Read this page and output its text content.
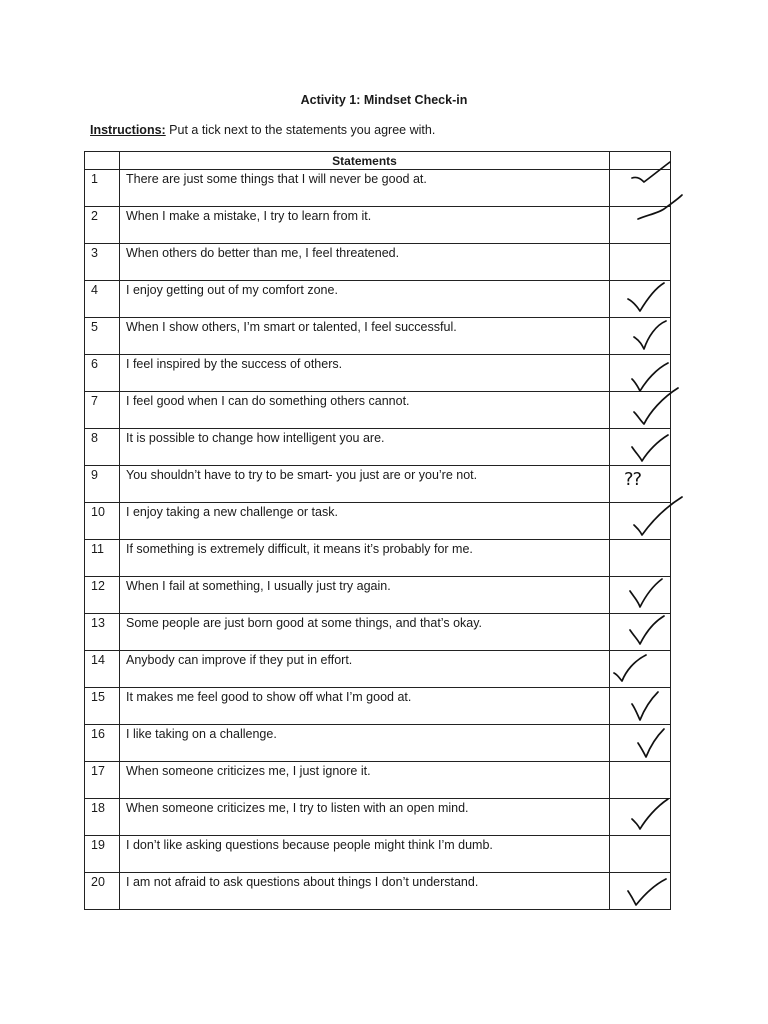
Activity 1: Mindset Check-in
Instructions: Put a tick next to the statements you agree with.
	Statements	
1	There are just some things that I will never be good at.	

2	When I make a mistake, I try to learn from it.	

3	When others do better than me, I feel threatened.	
4	I enjoy getting out of my comfort zone.	

5	When I show others, I’m smart or talented, I feel successful.	

6	I feel inspired by the success of others.	

7	I feel good when I can do something others cannot.	

8	It is possible to change how intelligent you are.	

9	You shouldn’t have to try to be smart- you just are or you’re not.	??

10	I enjoy taking a new challenge or task.	

11	If something is extremely difficult, it means it’s probably for me.	
12	When I fail at something, I usually just try again.	

13	Some people are just born good at some things, and that’s okay.	

14	Anybody can improve if they put in effort.	

15	It makes me feel good to show off what I’m good at.	

16	I like taking on a challenge.	

17	When someone criticizes me, I just ignore it.	
18	When someone criticizes me, I try to listen with an open mind.	

19	I don’t like asking questions because people might think I’m dumb.	
20	I am not afraid to ask questions about things I don’t understand.	
